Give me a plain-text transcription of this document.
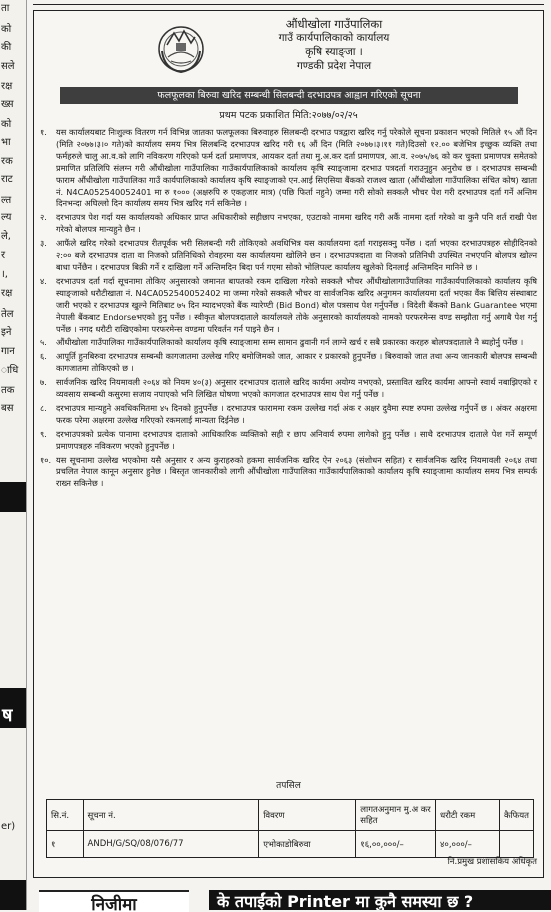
ता
को
की
सले
रक्ष
ख्स
को
भा
रक
राट
ल्त
ल्य
ले,
र
।,
रक्ष
तेल
इने
गान
ाधि
तक
बस
ष
er)
औंधीखोला गाउँपालिका
गाउँ कार्यपालिकाको कार्यालय
कृषि स्याङ्जा ।
गण्डकी प्रदेश नेपाल
फलफूलका बिरुवा खरिद सम्बन्धी सिलबन्दी दरभाउपत्र आह्वान गरिएको सूचना
प्रथम पटक प्रकाशित मिति:२०७७/०२/२५
१.	यस कार्यालयबाट निःशुल्क वितरण गर्न विभिन्न जातका फलफूलका बिरुवाहरु सिलबन्दी दरभाउ पत्रद्वारा खरिद गर्नु परेकोले सूचना प्रकाशन भएको मितिले १५ औं दिन (मिति २०७७।३।० गते)को कार्यालय समय भित्र सिलबन्दि दरभाउपत्र खरिद गरी १६ औं दिन (मिति २०७७।३।११ गते)दिउसो १२.०० बजेभित्र इच्छुक व्यक्ति तथा फर्महरुले चालु आ.व.को लागि नविकरण गरिएको फर्म दर्ता प्रमाणपत्र, आयकर दर्ता तथा मु.अ.कर दर्ता प्रमाणपत्र, आ.व. २०७५/७६ को कर चुक्ता प्रमाणपत्र समेतको प्रमाणित प्रतिलिपि संलग्न गरी औंधीखोला गाउँपालिका गाउँकार्यपालिकाको कार्यालय कृषि स्याङ्जामा दरभाउ पत्रदर्ता गराउनुहुन अनुरोध छ । दरभाउपत्र सम्बन्धी फाराम औंधीखोला गाउँपालिका गाउँ कार्यपालिकाको कार्यालय कृषि स्याङ्जाको एन.आई सिएसिया बैंकको राजश्व खाता (औंधीखोला गाउँपालिका संचित कोष) खाता नं. N4CA052540052401 मा रु १००० (अक्षरुपि रु एकहजार मात्र) (पछि फिर्ता नहुने) जम्मा गरी सोको सक्कलै भौचर पेश गरी दरभाउपत्र दर्ता गर्ने अन्तिम दिनभन्दा अघिल्लो दिन कार्यालय समय भित्र खरिद गर्न सकिनेछ ।
२.	दरभाउपत्र पेश गर्दा यस कार्यालयको अधिकार प्राप्त अधिकारीको सहीछाप नभएका, एउटाको नाममा खरिद गरी अर्कै नाममा दर्ता गरेको वा कुनै पनि शर्त राखी पेश गरेको बोलपत्र मान्यहुने छैन ।
३.	आफैंले खरिद गरेको दरभाउपत्र रीतपूर्वक भरी सिलबन्दी गरी तोकिएको अवधिभित्र यस कार्यालयमा दर्ता गराइसक्नु पर्नेछ । दर्ता भएका दरभाउपत्रहरु सोहीदिनको २:०० बजे दरभाउपत्र दाता वा निजको प्रतिनिधिको रोवहरमा यस कार्यालयमा खोलिने छन । दरभाउपत्रदाता वा निजको प्रतिनिधी उपस्थित नभएपनि बोलपत्र खोल्न बाधा पर्नेछैन । दरभाउपत्र बिक्री गर्ने र दाखिला गर्ने अन्तिमदिन बिदा पर्न गएमा सोको भोलिपल्ट कार्यालय खुलेको दिनलाई अन्तिमदिन मानिने छ ।
४.	दरभाउपत्र दर्ता गर्दा सूचनामा तोकिए अनुसारको जमानत बापतको रकम दाखिला गरेको सक्कलै भौचर औंधीखोलागाउँपालिका गाउँकार्यपालिकाको कार्यालय कृषि स्याङ्जाको धरौटीखाता नं. N4CA052540052402 मा जम्मा गरेको सक्कलै भौचर वा सार्वजनिक खरिद अनुगमन कार्यालयमा दर्ता भएका वैंक बित्तिय संस्थाबाट जारी भएको र दरभाउपत्र खुल्ने मितिबाट ७५ दिन म्यादभएको बैंक ग्यारेण्टी (Bid Bond) बोल पत्रसाथ पेश गर्नुपर्नेछ । विदेशी बैंकको Bank Guarantee भएमा नेपाली बैंकबाट Endorseभएको हुनु पर्नेछ । स्वीकृत बोलपत्रदाताले कार्यालयले तोके अनुसारको कार्यालयको नामको परफरमेन्स वण्ड सम्झौता गर्नु अगाबै पेश गर्नु पर्नेछ । नगद धरौटी राखिएकोमा परफरमेन्स वण्डमा परिवर्तन गर्न पाइने छैन ।
५.	औंधीखोला गाउँपालिका गाउँकार्यपालिकाको कार्यालय कृषि स्याङ्जामा सम्म सामान ढुवानी गर्न लाग्ने खर्च र सबै प्रकारका करहरु बोलपत्रदाताले नै ब्यहोर्नु पर्नेछ ।
६.	आपूर्ति हुनबिरुवा दरभाउपत्र सम्बन्धी कागजातमा उल्लेख गरिए बमोजिमको जात, आकार र प्रकारको हुनुपर्नेछ । बिरुवाको जात तथा अन्य जानकारी बोलपत्र सम्बन्धी कागजातमा तोकिएको छ ।
७.	सार्वजनिक खरिद नियमावली २०६४ को नियम ४०(३) अनुसार दरभाउपत्र दाताले खरिद कार्यमा अयोग्य नभएको, प्रस्तावित खरिद कार्यमा आफ्नो स्वार्थ नबाझिएको र व्यवसाय सम्बन्धी कसुरमा सजाय नपाएको भनि लिखित घोषणा भएको कागजात दरभाउपत्र साथ पेश गर्नु पर्नेछ ।
८.	दरभाउपत्र मान्यहुने अवधिकमितमा ४५ दिनको हुनुपर्नेछ । दरभाउपत्र फाराममा रकम उल्लेख गर्दा अंक र अक्षर दुवैमा स्पष्ट रुपमा उल्लेख गर्नुपर्ने छ । अंकर अक्षरमा फरक परेमा अक्षरमा उल्लेख गरिएको रकमलाई मान्यता दिईनेछ ।
९.	दरभाउपत्रको प्रत्येक पानामा दरभाउपत्र दाताको आधिकारिक व्यक्तिको सही र छाप अनिवार्य रुपमा लागेको हुनु पर्नेछ । साथै दरभाउपत्र दाताले पेश गर्ने सम्पूर्ण प्रमाणपत्रहरु नविकरण भएको हुनुपर्नेछ ।
१०. यस सूचनामा उल्लेख भएकोमा यसै अनुसार र अन्य कुराहरुको हकमा सार्वजनिक खरिद ऐन २०६३ (संशोधन सहित) र सार्वजनिक खरिद नियमावली २०६४ तथा प्रचलित नेपाल कानून अनुसार हुनेछ । बिस्तृत जानकारीको लागी औंधीखोला गाउँपालिका गाउँकार्यपालिकाको कार्यालय कृषि स्याङ्जामा कार्यालय समय भित्र सम्पर्क राख्न सकिनेछ ।
तपसिल
सि.नं.	सूचना नं.	विवरण	लागतअनुमान मु.अ कर सहित	धरौटी रकम	कैफियत
१	ANDH/G/SQ/08/076/77	एभोकाडोबिरुवा	१६,००,०००/–	४०,०००/–	
नि.प्रमुख प्रशासकिय अधिकृत
निजीमा	के तपाईंको Printer मा कुनै समस्या छ ?
